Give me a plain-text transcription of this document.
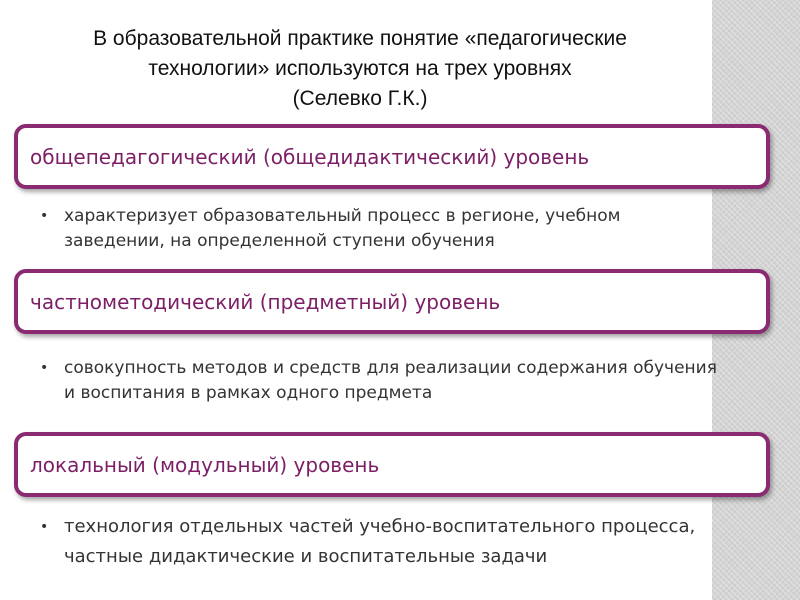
В образовательной практике понятие «педагогические
технологии» используются на трех уровнях
(Селевко Г.К.)
общепедагогический (общедидактический) уровень
• характеризует образовательный процесс в регионе, учебном заведении, на определенной ступени обучения
частнометодический (предметный) уровень
• совокупность методов и средств для реализации содержания обучения и воспитания в рамках одного предмета
локальный (модульный) уровень
• технология отдельных частей учебно-воспитательного процесса, частные дидактические и воспитательные задачи
